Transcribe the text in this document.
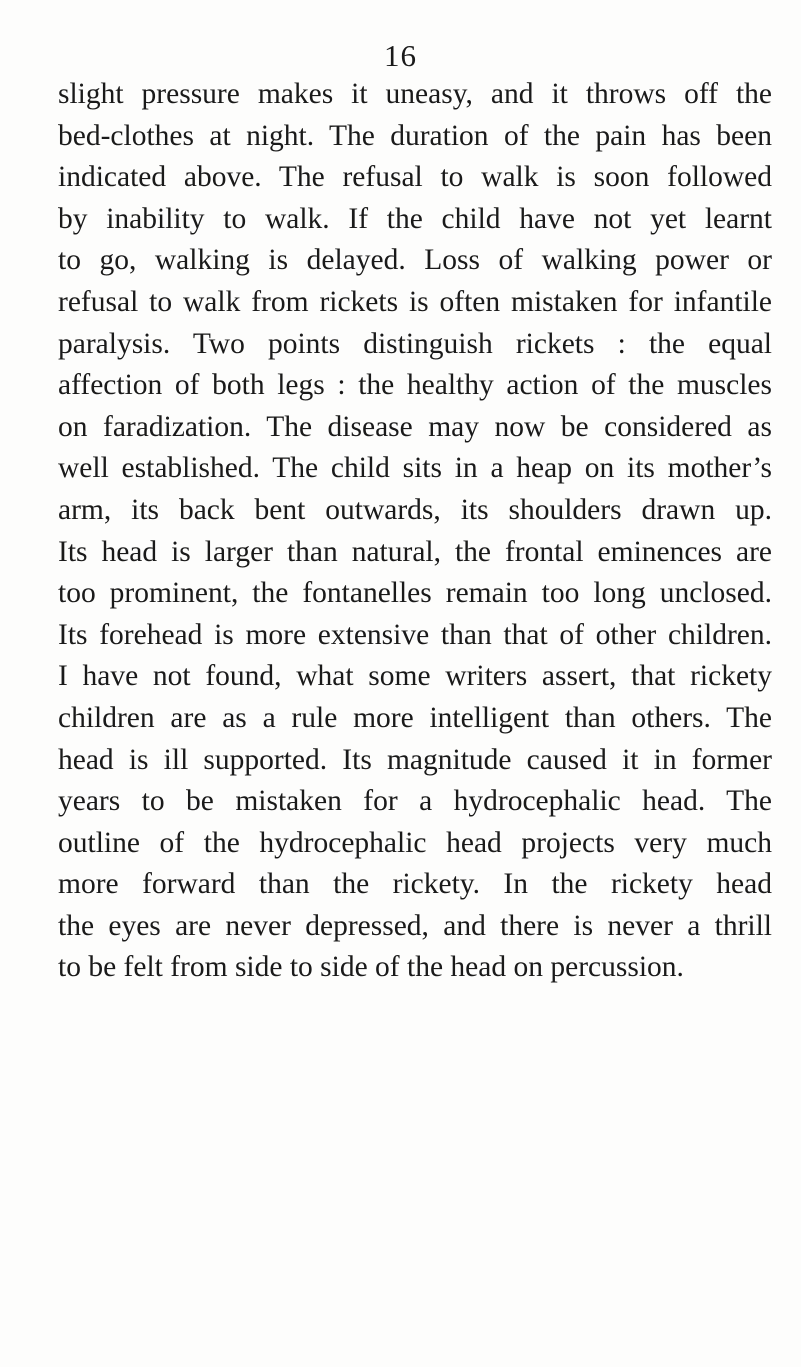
16

slight pressure makes it uneasy, and it throws off the
bed-clothes at night. The duration of the pain has been
indicated above. The refusal to walk is soon followed
by inability to walk. If the child have not yet learnt
to go, walking is delayed. Loss of walking power or
refusal to walk from rickets is often mistaken for infantile
paralysis. Two points distinguish rickets : the equal
affection of both legs : the healthy action of the muscles
on faradization. The disease may now be considered as
well established. The child sits in a heap on its mother’s
arm, its back bent outwards, its shoulders drawn up.
Its head is larger than natural, the frontal eminences are
too prominent, the fontanelles remain too long unclosed.
Its forehead is more extensive than that of other children.
I have not found, what some writers assert, that rickety
children are as a rule more intelligent than others. The
head is ill supported. Its magnitude caused it in former
years to be mistaken for a hydrocephalic head. The
outline of the hydrocephalic head projects very much
more forward than the rickety. In the rickety head
the eyes are never depressed, and there is never a thrill
to be felt from side to side of the head on percussion.
